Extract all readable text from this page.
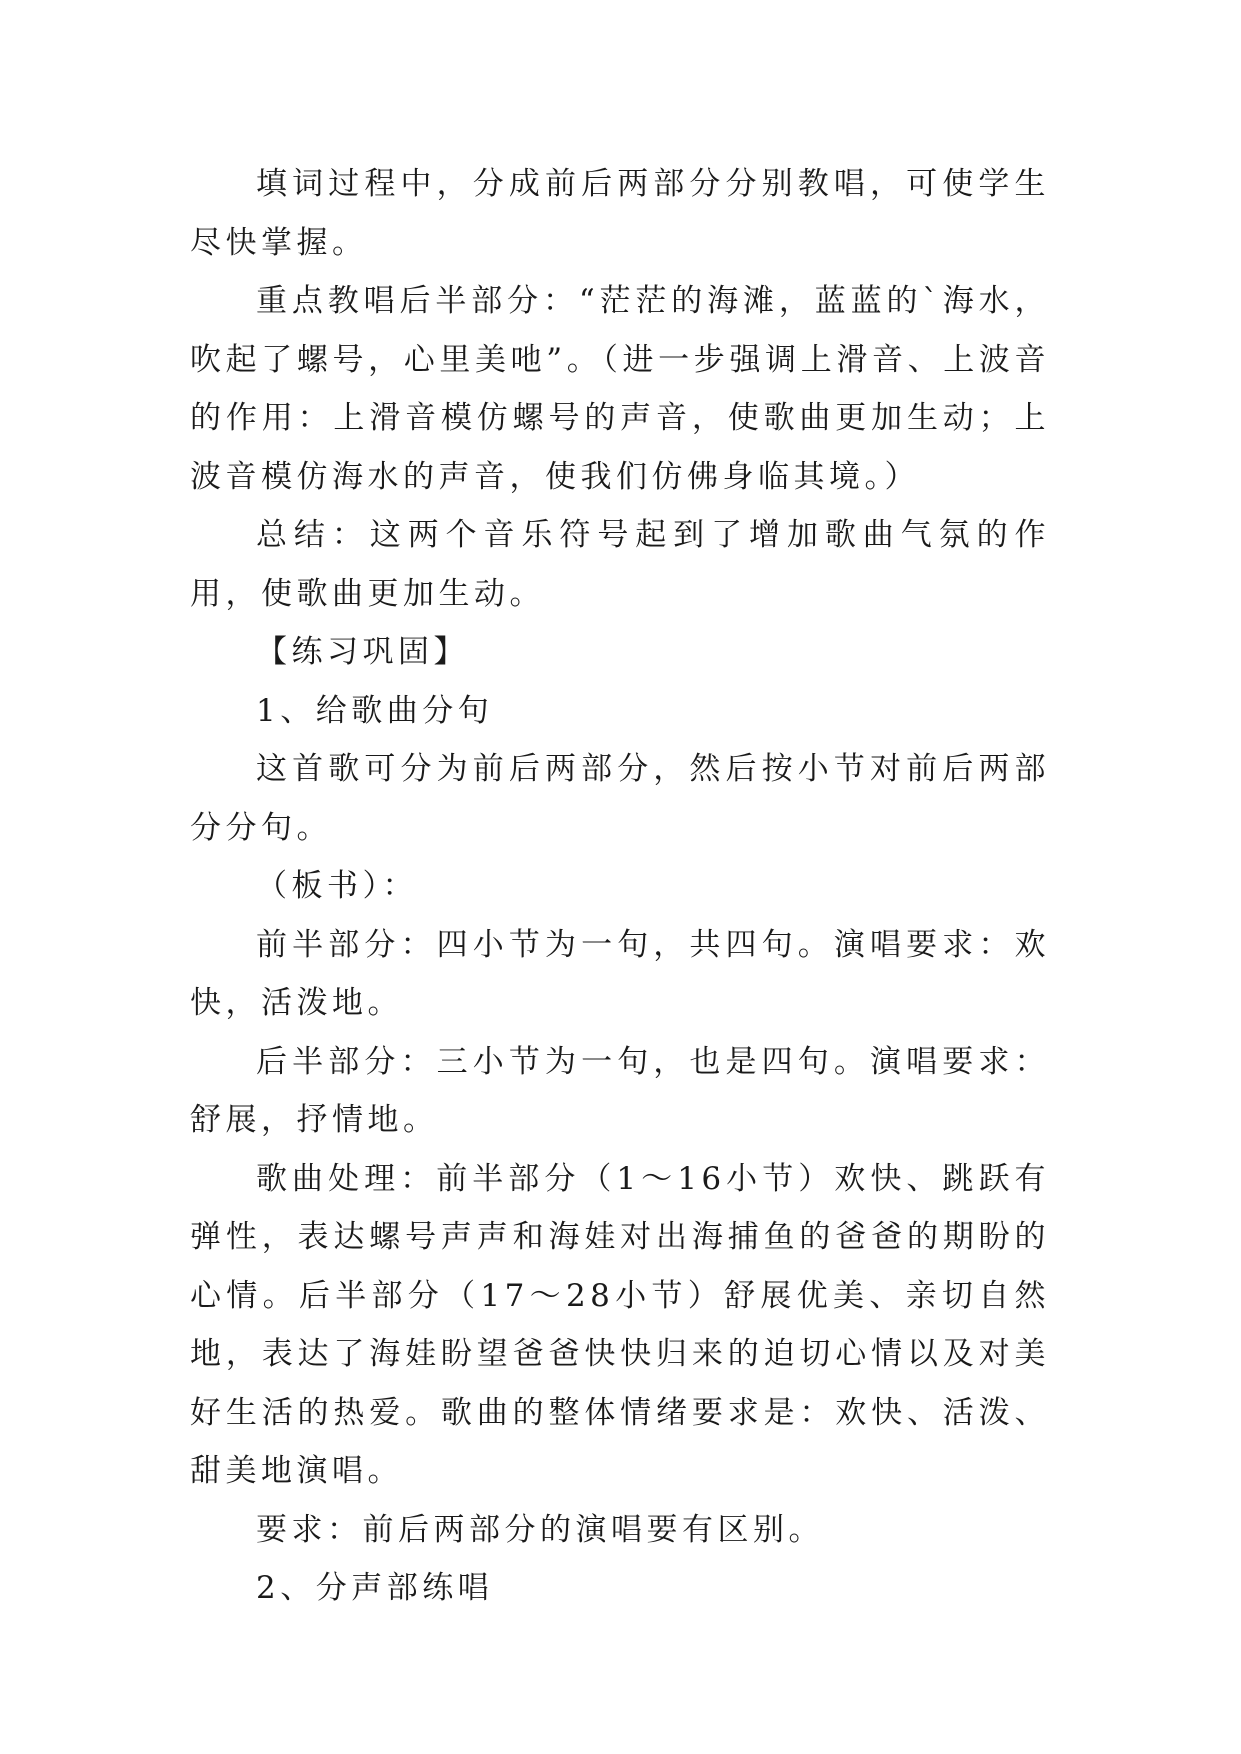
填词过程中，分成前后两部分分别教唱，可使学生尽快掌握。

重点教唱后半部分：“茫茫的海滩，蓝蓝的`海水，吹起了螺号，心里美吔”。（进一步强调上滑音、上波音的作用：上滑音模仿螺号的声音，使歌曲更加生动；上波音模仿海水的声音，使我们仿佛身临其境。）

总结：这两个音乐符号起到了增加歌曲气氛的作用，使歌曲更加生动。

【练习巩固】

1、给歌曲分句

这首歌可分为前后两部分，然后按小节对前后两部分分句。

（板书）：

前半部分：四小节为一句，共四句。演唱要求：欢快，活泼地。

后半部分：三小节为一句，也是四句。演唱要求：舒展，抒情地。

歌曲处理：前半部分（1～16小节）欢快、跳跃有弹性，表达螺号声声和海娃对出海捕鱼的爸爸的期盼的心情。后半部分（17～28小节）舒展优美、亲切自然地，表达了海娃盼望爸爸快快归来的迫切心情以及对美好生活的热爱。歌曲的整体情绪要求是：欢快、活泼、甜美地演唱。

要求：前后两部分的演唱要有区别。

2、分声部练唱
